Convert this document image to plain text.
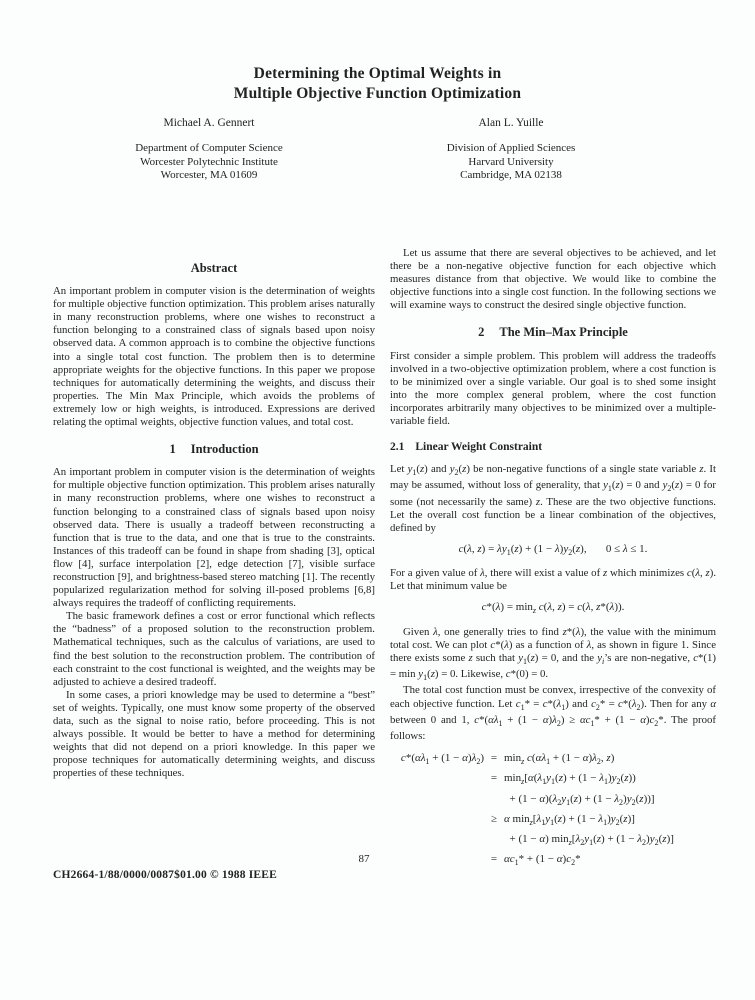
Determining the Optimal Weights in
Multiple Objective Function Optimization
Michael A. Gennert
Department of Computer Science
Worcester Polytechnic Institute
Worcester, MA 01609
Alan L. Yuille
Division of Applied Sciences
Harvard University
Cambridge, MA 02138
Abstract

An important problem in computer vision is the determination of weights for multiple objective function optimization. This problem arises naturally in many reconstruction problems, where one wishes to reconstruct a function belonging to a constrained class of signals based upon noisy observed data. A common approach is to combine the objective functions into a single total cost function. The problem then is to determine appropriate weights for the objective functions. In this paper we propose techniques for automatically determining the weights, and discuss their properties. The Min Max Principle, which avoids the problems of extremely low or high weights, is introduced. Expressions are derived relating the optimal weights, objective function values, and total cost.

1 Introduction

An important problem in computer vision is the determination of weights for multiple objective function optimization. This problem arises naturally in many reconstruction problems, where one wishes to reconstruct a function belonging to a constrained class of signals based upon noisy observed data. There is usually a tradeoff between reconstructing a function that is true to the data, and one that is true to the constraints. Instances of this tradeoff can be found in shape from shading [3], optical flow [4], surface interpolation [2], edge detection [7], visible surface reconstruction [9], and brightness-based stereo matching [1]. The recently popularized regularization method for solving ill-posed problems [6,8] always requires the tradeoff of conflicting requirements.

The basic framework defines a cost or error functional which reflects the “badness” of a proposed solution to the reconstruction problem. Mathematical techniques, such as the calculus of variations, are used to find the best solution to the reconstruction problem. The contribution of each constraint to the cost functional is weighted, and the weights may be adjusted to achieve a desired tradeoff.

In some cases, a priori knowledge may be used to determine a “best” set of weights. Typically, one must know some property of the observed data, such as the signal to noise ratio, before proceeding. This is not always possible. It would be better to have a method for determining weights that did not depend on a priori knowledge. In this paper we propose techniques for automatically determining weights, and discuss properties of these techniques.

Let us assume that there are several objectives to be achieved, and let there be a non-negative objective function for each objective which measures distance from that objective. We would like to combine the objective functions into a single cost function. In the following sections we will examine ways to construct the desired single objective function.

2 The Min–Max Principle

First consider a simple problem. This problem will address the tradeoffs involved in a two-objective optimization problem, where a cost function is to be minimized over a single variable. Our goal is to shed some insight into the more complex general problem, where the cost function incorporates arbitrarily many objectives to be minimized over a multiple-variable field.

2.1 Linear Weight Constraint

Let $y_1(z)$ and $y_2(z)$ be non-negative functions of a single state variable z. It may be assumed, without loss of generality, that $y_1(z) = 0$ and $y_2(z) = 0$ for some (not necessarily the same) z. These are the two objective functions. Let the overall cost function be a linear combination of the objectives, defined by

c(λ, $z) = \lambda y_1(z) + (1 - \lambda)y_2(z)$,   0 ≤ λ ≤ 1.

For a given value of λ, there will exist a value of z which minimizes c(λ, z). Let that minimum value be

$c*(\lambda) = \min_z c(\lambda$, z) = c(λ, z*(λ)).

Given λ, one generally tries to find z*(λ), the value with the minimum total cost. We can plot c*(λ) as a function of λ, as shown in figure 1. Since there exists some z such that $y_1(z) = 0$, and the $y_i’s$ are non-negative, $c*(1) = \min y_1(z) = 0$. Likewise, c*(0) = 0.

The total cost function must be convex, irrespective of the convexity of each objective function. Let $c_1* = c*(\lambda_1)$ and $c_2* = c*(\lambda_2)$. Then for any α between 0 and 1, $c*(\alpha\lambda_1 + (1 - \alpha)\lambda_2) \ge \alpha c_1* + (1 - \alpha)c_2*$. The proof follows:

$c*(\alpha\lambda_1 + (1 - \alpha)\lambda_2) = \min_z c(\alpha\lambda_1 + (1 - \alpha)\lambda_2$, z)
= $\min_z[\alpha(\lambda_1y_1(z) + (1 - \lambda_1)y_2(z))$
 + $(1 - \alpha)(\lambda_2y_1(z) + (1 - \lambda_2)y_2(z))$]
≥ α $\min_z[\lambda_1y_1(z) + (1 - \lambda_1)y_2(z)]$
 + (1 − α) $\min_z[\lambda_2y_1(z) + (1 - \lambda_2)y_2(z)]$
= $\alpha c_1* + (1 - \alpha)c_2*$
87
CH2664-1/88/0000/0087$01.00 © 1988 IEEE
